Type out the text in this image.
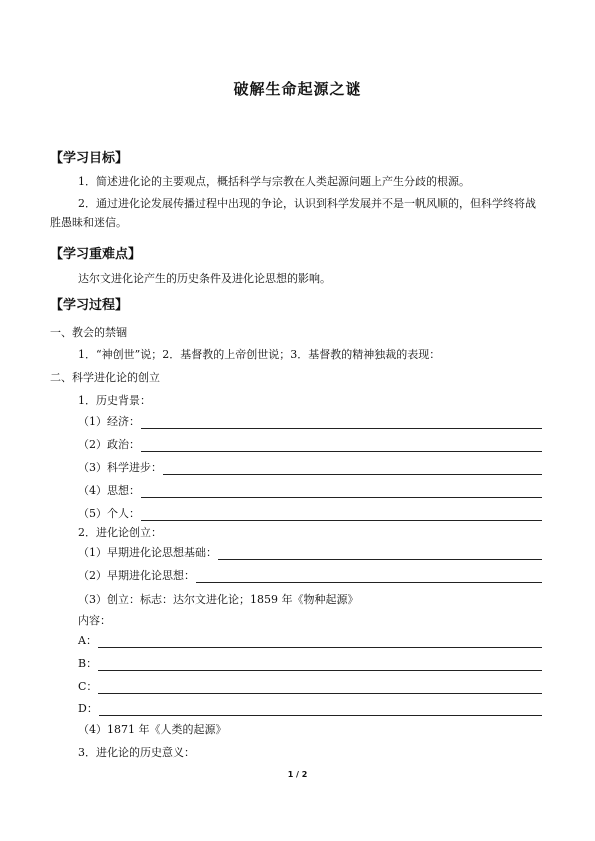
破解生命起源之谜
【学习目标】
1．简述进化论的主要观点，概括科学与宗教在人类起源问题上产生分歧的根源。
2．通过进化论发展传播过程中出现的争论，认识到科学发展并不是一帆风顺的，但科学终将战胜愚昧和迷信。
【学习重难点】
达尔文进化论产生的历史条件及进化论思想的影响。
【学习过程】
一、教会的禁锢
1．“神创世”说；2．基督教的上帝创世说；3．基督教的精神独裁的表现：
二、科学进化论的创立
1．历史背景：
（1）经济：
（2）政治：
（3）科学进步：
（4）思想：
（5）个人：
2．进化论创立：
（1）早期进化论思想基础：
（2）早期进化论思想：
（3）创立：标志：达尔文进化论；1859 年《物种起源》
内容：
A：
B：
C：
D：
（4）1871 年《人类的起源》
3．进化论的历史意义：
1 / 2
